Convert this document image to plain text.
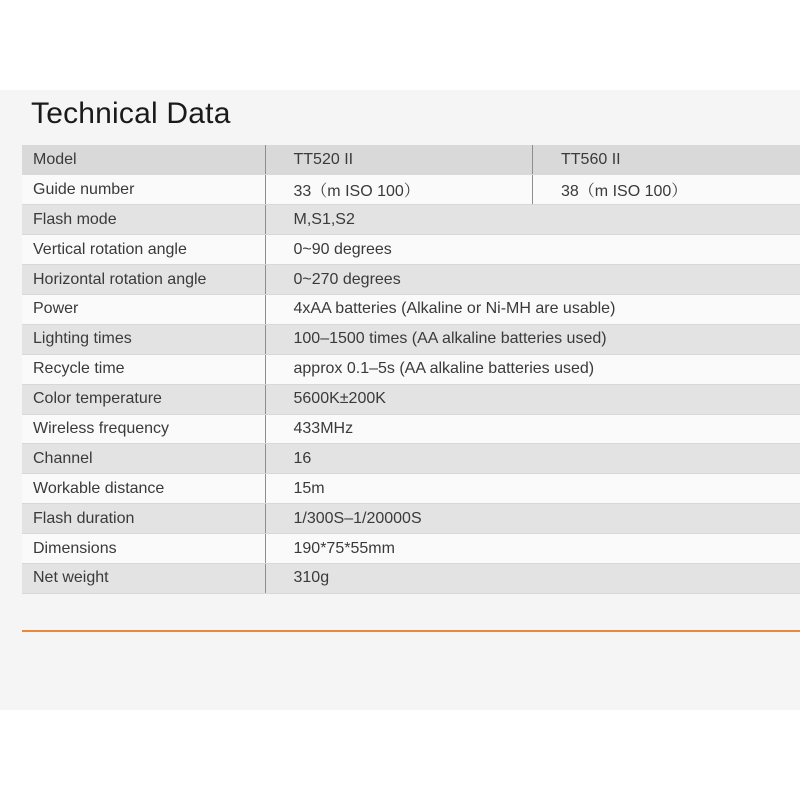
Technical Data
Model	TT520 II	TT560 II
Guide number	33（m ISO 100）	38（m ISO 100）
Flash mode	M,S1,S2	
Vertical rotation angle	0~90 degrees	
Horizontal rotation angle	0~270 degrees	
Power	4xAA batteries (Alkaline or Ni-MH are usable)	
Lighting times	100–1500 times (AA alkaline batteries used)	
Recycle time	approx 0.1–5s (AA alkaline batteries used)	
Color temperature	5600K±200K	
Wireless frequency	433MHz	
Channel	16	
Workable distance	15m	
Flash duration	1/300S–1/20000S	
Dimensions	190*75*55mm	
Net weight	310g	
